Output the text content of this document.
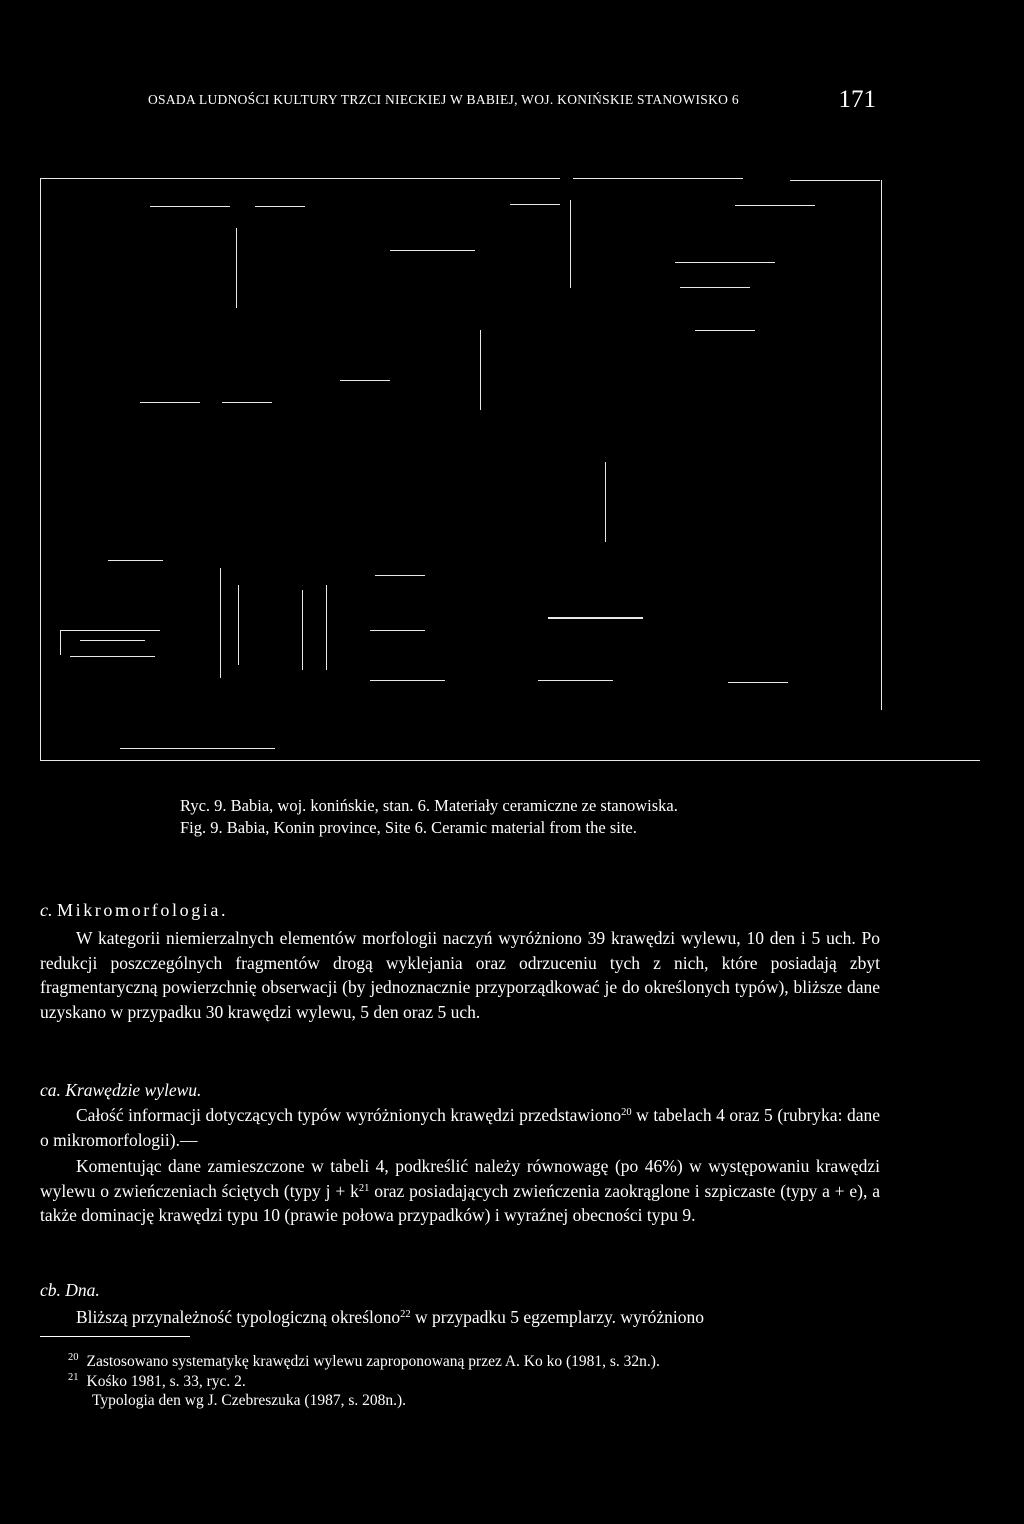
OSADA LUDNOŚCI KULTURY TRZCI NIECKIEJ W BABIEJ, WOJ. KONIŃSKIE STANOWISKO 6	171
Ryc. 9. Babia, woj. konińskie, stan. 6. Materiały ceramiczne ze stanowiska.
Fig. 9. Babia, Konin province, Site 6. Ceramic material from the site.
c. Mikromorfologia.
W kategorii niemierzalnych elementów morfologii naczyń wyróżniono 39 krawędzi wylewu, 10 den i 5 uch. Po redukcji poszczególnych fragmentów drogą wyklejania oraz odrzuceniu tych z nich, które posiadają zbyt fragmentaryczną powierzchnię obserwacji (by jednoznacznie przyporządkować je do określonych typów), bliższe dane uzyskano w przypadku 30 krawędzi wylewu, 5 den oraz 5 uch.
ca. Krawędzie wylewu.
Całość informacji dotyczących typów wyróżnionych krawędzi przedstawiono$^{20}$ w tabelach 4 oraz 5 (rubryka: dane o mikromorfologii).—
Komentując dane zamieszczone w tabeli 4, podkreślić należy równowagę (po 46%) w występowaniu krawędzi wylewu o zwieńczeniach ściętych (typy $j + k^{21}$ oraz posiadających zwieńczenia zaokrąglone i szpiczaste (typy a + e), a także dominację krawędzi typu 10 (prawie połowa przypadków) i wyraźnej obecności typu 9.
cb. Dna.
Bliższą przynależność typologiczną określono$^{22}$ w przypadku 5 egzemplarzy. wyróżniono
$^{20}$ Zastosowano systematykę krawędzi wylewu zaproponowaną przez A. Ko ko (1981, s. 32n.).
$^{21}$ Kośko 1981, s. 33, ryc. 2.
Typologia den wg J. Czebreszuka (1987, s. 208n.).
